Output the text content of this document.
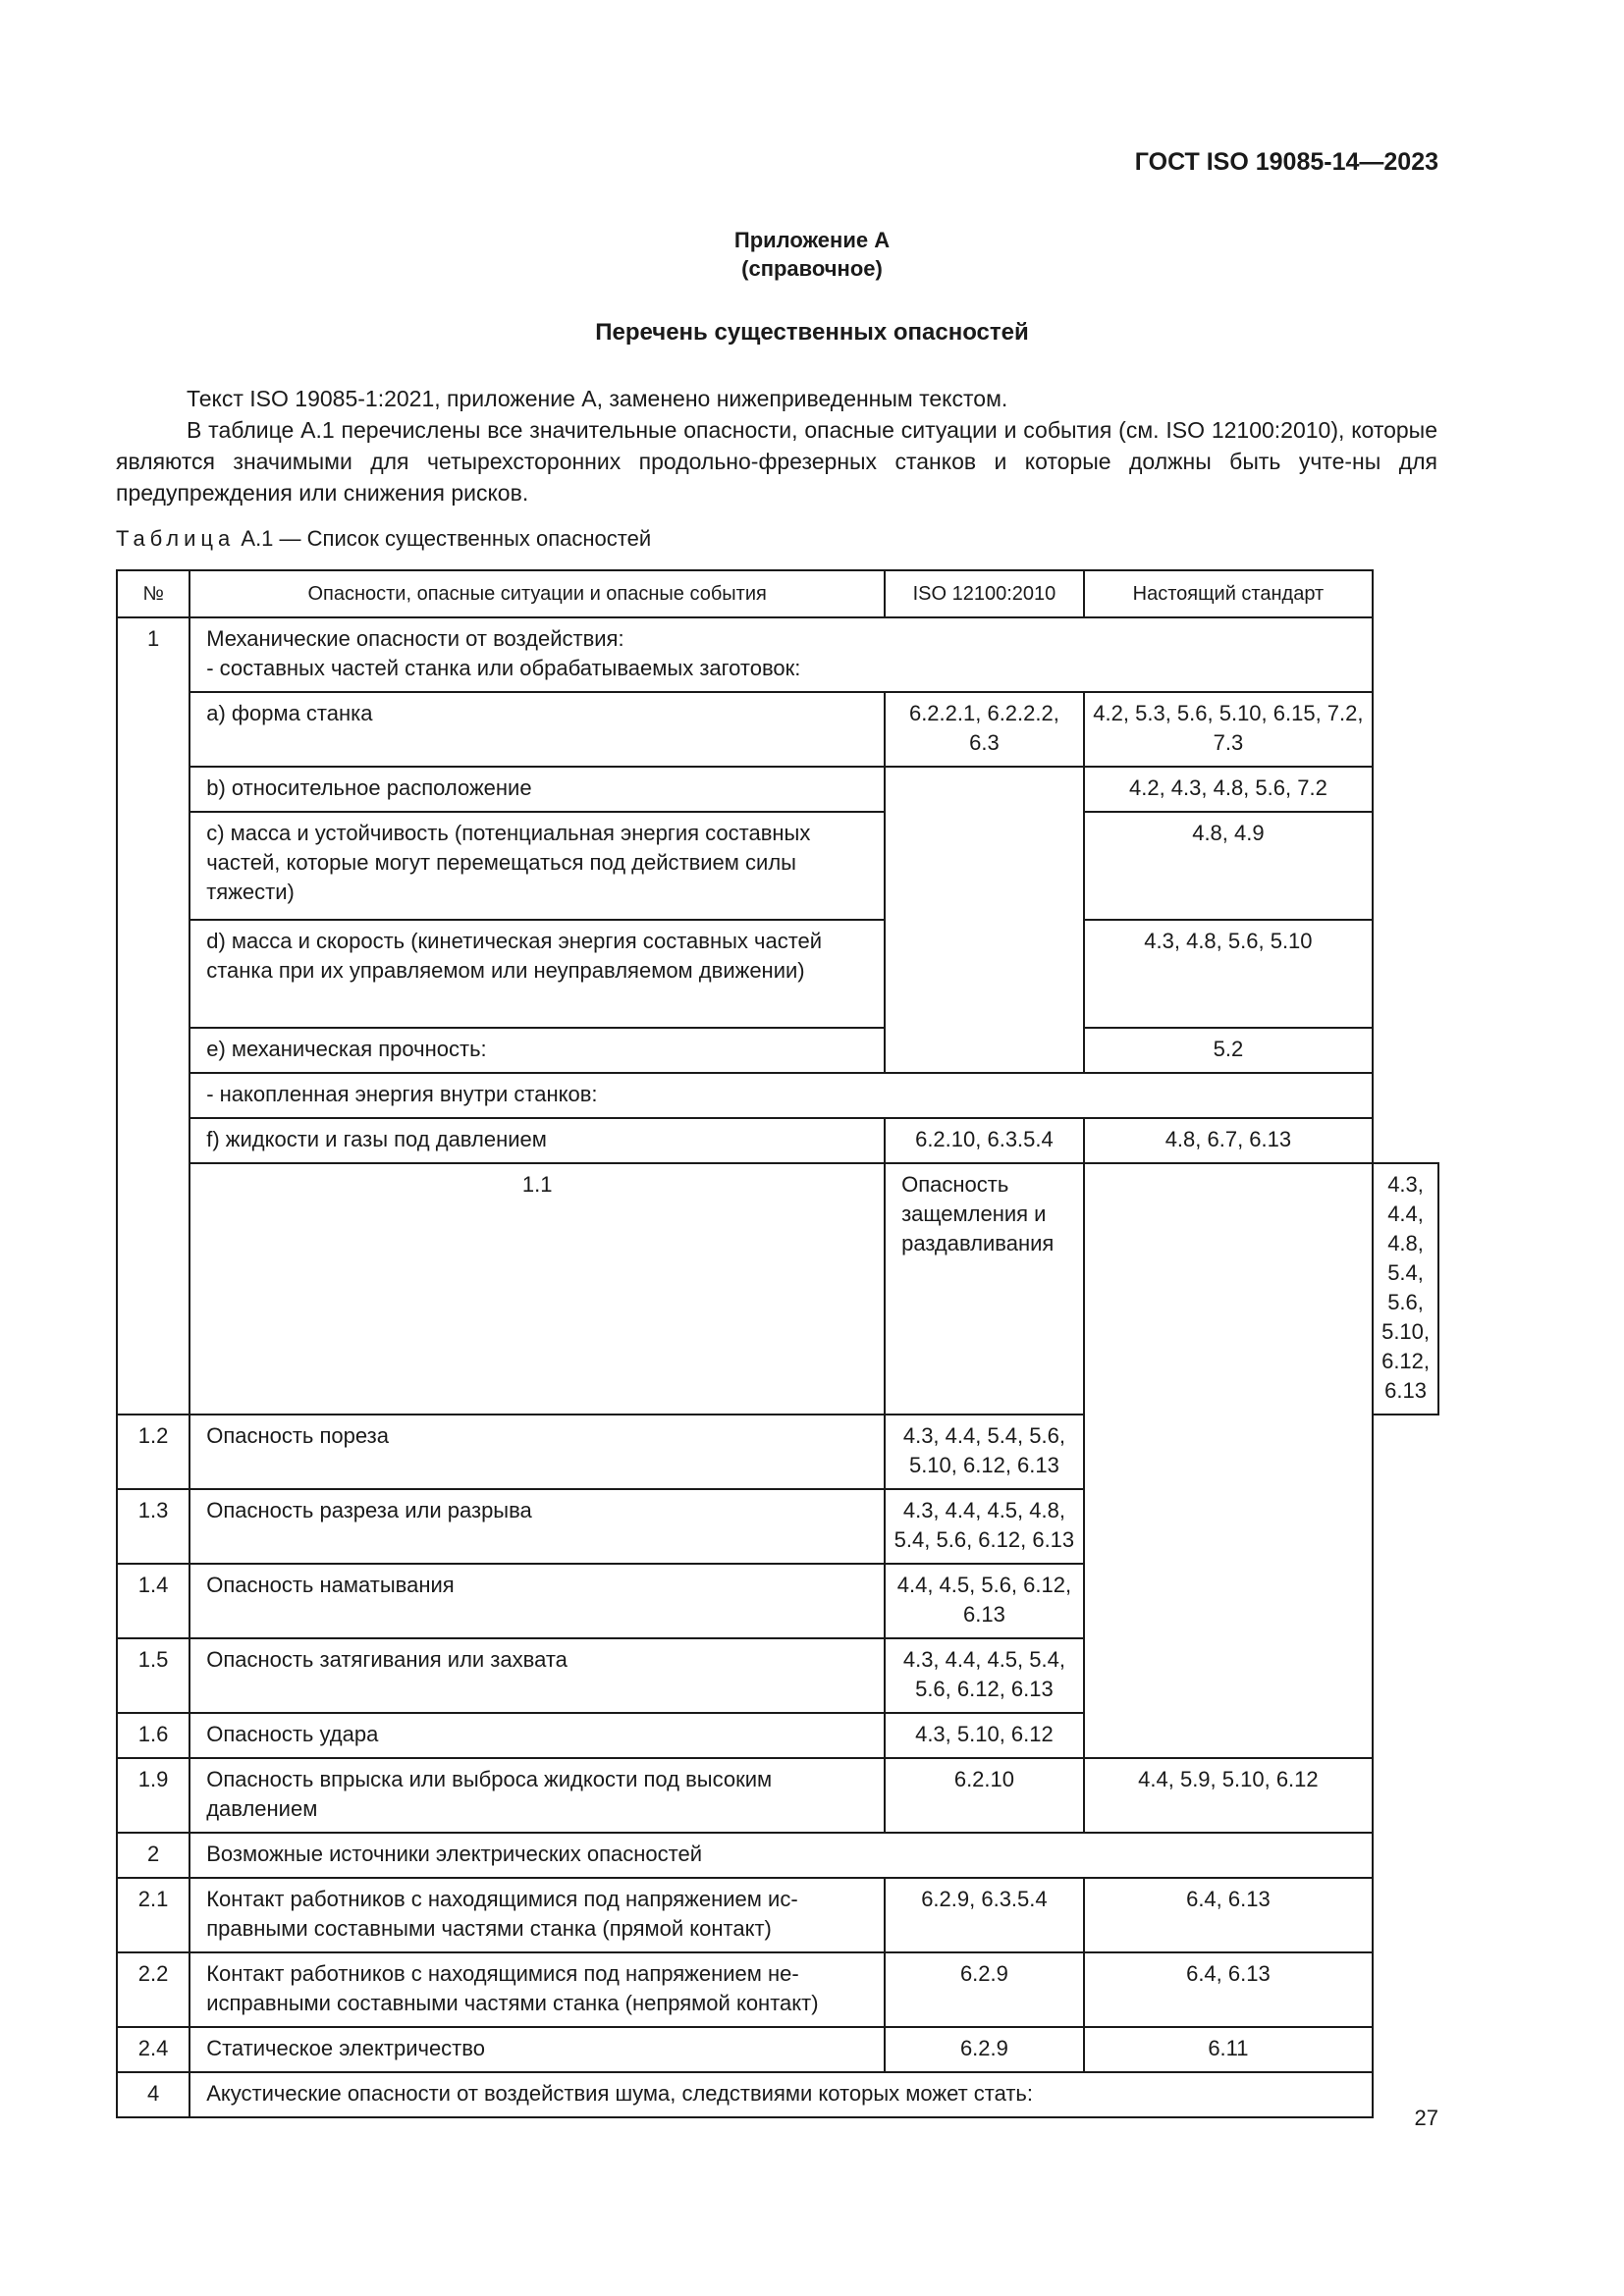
ГОСТ ISO 19085-14—2023
Приложение А
(справочное)
Перечень существенных опасностей
Текст ISO 19085-1:2021, приложение А, заменено нижеприведенным текстом.
В таблице А.1 перечислены все значительные опасности, опасные ситуации и события (см. ISO 12100:2010), которые являются значимыми для четырехсторонних продольно-фрезерных станков и которые должны быть учте-ны для предупреждения или снижения рисков.
Таблица А.1 — Список существенных опасностей
№	Опасности, опасные ситуации и опасные события	ISO 12100:2010	Настоящий стандарт	
1	Механические опасности от воздействия:
- составных частей станка или обрабатываемых заготовок:			
	a) форма станка	6.2.2.1, 6.2.2.2, 6.3	4.2, 5.3, 5.6, 5.10, 6.15, 7.2, 7.3	
	b) относительное расположение		4.2, 4.3, 4.8, 5.6, 7.2	
	c) масса и устойчивость (потенциальная энергия составных частей, которые могут перемещаться под действием силы тяжести)		4.8, 4.9	
	d) масса и скорость (кинетическая энергия составных частей станка при их управляемом или неуправляемом движении)		4.3, 4.8, 5.6, 5.10	
	e) механическая прочность:		5.2	
	- накопленная энергия внутри станков:			
	f) жидкости и газы под давлением	6.2.10, 6.3.5.4	4.8, 6.7, 6.13	
	1.1	Опасность защемления и раздавливания		4.3, 4.4, 4.8, 5.4, 5.6, 5.10, 6.12, 6.13
1.2	Опасность пореза	4.3, 4.4, 5.4, 5.6, 5.10, 6.12, 6.13		
1.3	Опасность разреза или разрыва	4.3, 4.4, 4.5, 4.8, 5.4, 5.6, 6.12, 6.13		
1.4	Опасность наматывания	4.4, 4.5, 5.6, 6.12, 6.13		
1.5	Опасность затягивания или захвата	4.3, 4.4, 4.5, 5.4, 5.6, 6.12, 6.13		
1.6	Опасность удара	4.3, 5.10, 6.12		
1.9	Опасность впрыска или выброса жидкости под высоким давлением	6.2.10	4.4, 5.9, 5.10, 6.12	
2	Возможные источники электрических опасностей			
2.1	Контакт работников с находящимися под напряжением ис-правными составными частями станка (прямой контакт)	6.2.9, 6.3.5.4	6.4, 6.13	
2.2	Контакт работников с находящимися под напряжением не-исправными составными частями станка (непрямой контакт)	6.2.9	6.4, 6.13	
2.4	Статическое электричество	6.2.9	6.11	
4	Акустические опасности от воздействия шума, следствиями которых может стать:			
27
